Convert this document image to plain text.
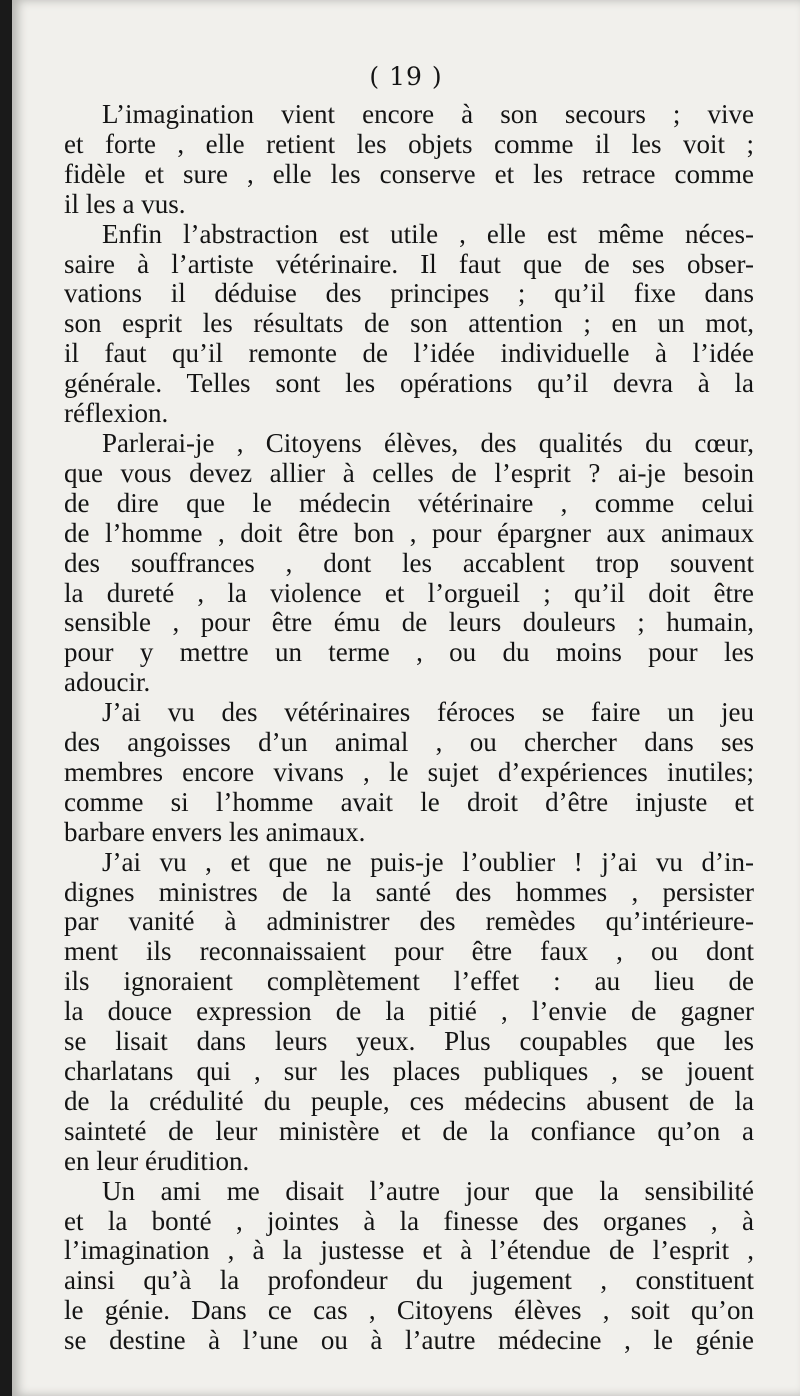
( 19 )
L’imagination vient encore à son secours ; vive
et forte , elle retient les objets comme il les voit ;
fidèle et sure , elle les conserve et les retrace comme
il les a vus.
Enfin l’abstraction est utile , elle est même néces-
saire à l’artiste vétérinaire. Il faut que de ses obser-
vations il déduise des principes ; qu’il fixe dans
son esprit les résultats de son attention ; en un mot,
il faut qu’il remonte de l’idée individuelle à l’idée
générale. Telles sont les opérations qu’il devra à la
réflexion.
Parlerai-je , Citoyens élèves, des qualités du cœur,
que vous devez allier à celles de l’esprit ? ai-je besoin
de dire que le médecin vétérinaire , comme celui
de l’homme , doit être bon , pour épargner aux animaux
des souffrances , dont les accablent trop souvent
la dureté , la violence et l’orgueil ; qu’il doit être
sensible , pour être ému de leurs douleurs ; humain,
pour y mettre un terme , ou du moins pour les
adoucir.
J’ai vu des vétérinaires féroces se faire un jeu
des angoisses d’un animal , ou chercher dans ses
membres encore vivans , le sujet d’expériences inutiles;
comme si l’homme avait le droit d’être injuste et
barbare envers les animaux.
J’ai vu , et que ne puis-je l’oublier ! j’ai vu d’in-
dignes ministres de la santé des hommes , persister
par vanité à administrer des remèdes qu’intérieure-
ment ils reconnaissaient pour être faux , ou dont
ils ignoraient complètement l’effet : au lieu de
la douce expression de la pitié , l’envie de gagner
se lisait dans leurs yeux. Plus coupables que les
charlatans qui , sur les places publiques , se jouent
de la crédulité du peuple, ces médecins abusent de la
sainteté de leur ministère et de la confiance qu’on a
en leur érudition.
Un ami me disait l’autre jour que la sensibilité
et la bonté , jointes à la finesse des organes , à
l’imagination , à la justesse et à l’étendue de l’esprit ,
ainsi qu’à la profondeur du jugement , constituent
le génie. Dans ce cas , Citoyens élèves , soit qu’on
se destine à l’une ou à l’autre médecine , le génie
